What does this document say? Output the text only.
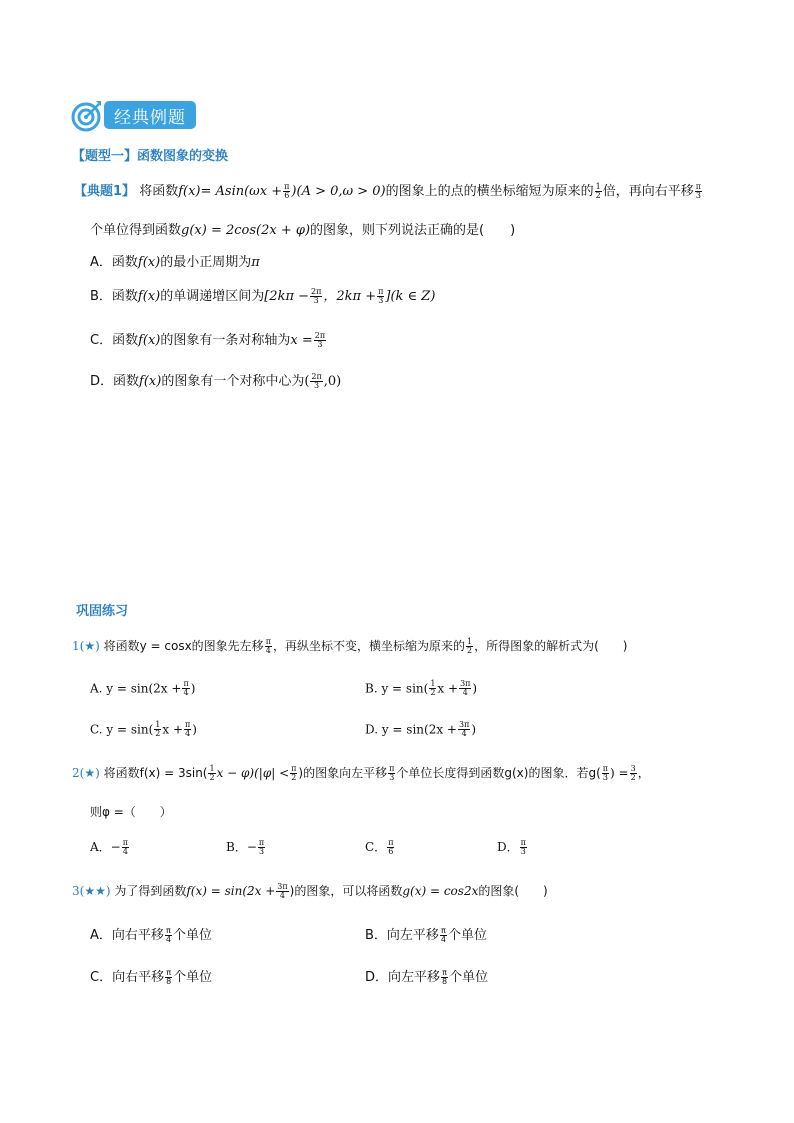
经典例题
【题型一】函数图象的变换
【典题1】 将函数$f(x)= Asin(\omega x + \frac{\pi}{6} )(A > 0,\omega > 0)$的图象上的点的横坐标缩短为原来的 $\frac{1}{2}$ 倍，再向右平移 $\frac{\pi}{3}$
个单位得到函数g(x) = 2cos(2x + φ)的图象，则下列说法正确的是(　　)
A．函数f(x)的最小正周期为π
B．函数f(x)的单调递增区间为[$2k\pi - \frac{2\pi}{3}$ ，$2k\pi + \frac{\pi}{3} ](k$ ∈ Z)
C．函数f(x)的图象有一条对称轴为$x = \frac{2\pi}{3}$
D．函数f(x)的图象有一个对称中心为( $\frac{2\pi}{3} ,0$)
巩固练习
1(★) 将函数y = cosx的图象先左移 $\frac{\pi}{4}$ ，再纵坐标不变，横坐标缩为原来的 $\frac{1}{2}$ ，所得图象的解析式为(　　)
A. $y = \sin(2x + \frac{\pi}{4}$ )	B. $y = \sin( \frac{1}{2}$ $x + \frac{3\pi}{4}$ )
C. $y = \sin( \frac{1}{2}$ $x + \frac{\pi}{4}$ )	D. $y = \sin(2x + \frac{3\pi}{4}$ )
2(★) 将函数$f(x) = 3\sin( \frac{1}{2}$ $x - \varphi)(|\varphi| < \frac{\pi}{2}$ )的图象向左平移 $\frac{\pi}{3}$ 个单位长度得到函数g(x)的图象．若$g( \frac{\pi}{3}$ ) = $\frac{3}{2}$ ，
则φ =（　　）
A．− $\frac{\pi}{4}$	B．− $\frac{\pi}{3}$	C． $\frac{\pi}{6}$	D． $\frac{\pi}{3}$
3(★★) 为了得到函数$f(x) = \sin(2x + \frac{3\pi}{4}$ )的图象，可以将函数g(x) = cos2x的图象(　　)
A．向右平移 $\frac{\pi}{4}$ 个单位	B．向左平移 $\frac{\pi}{4}$ 个单位
C．向右平移 $\frac{\pi}{8}$ 个单位	D．向左平移 $\frac{\pi}{8}$ 个单位
